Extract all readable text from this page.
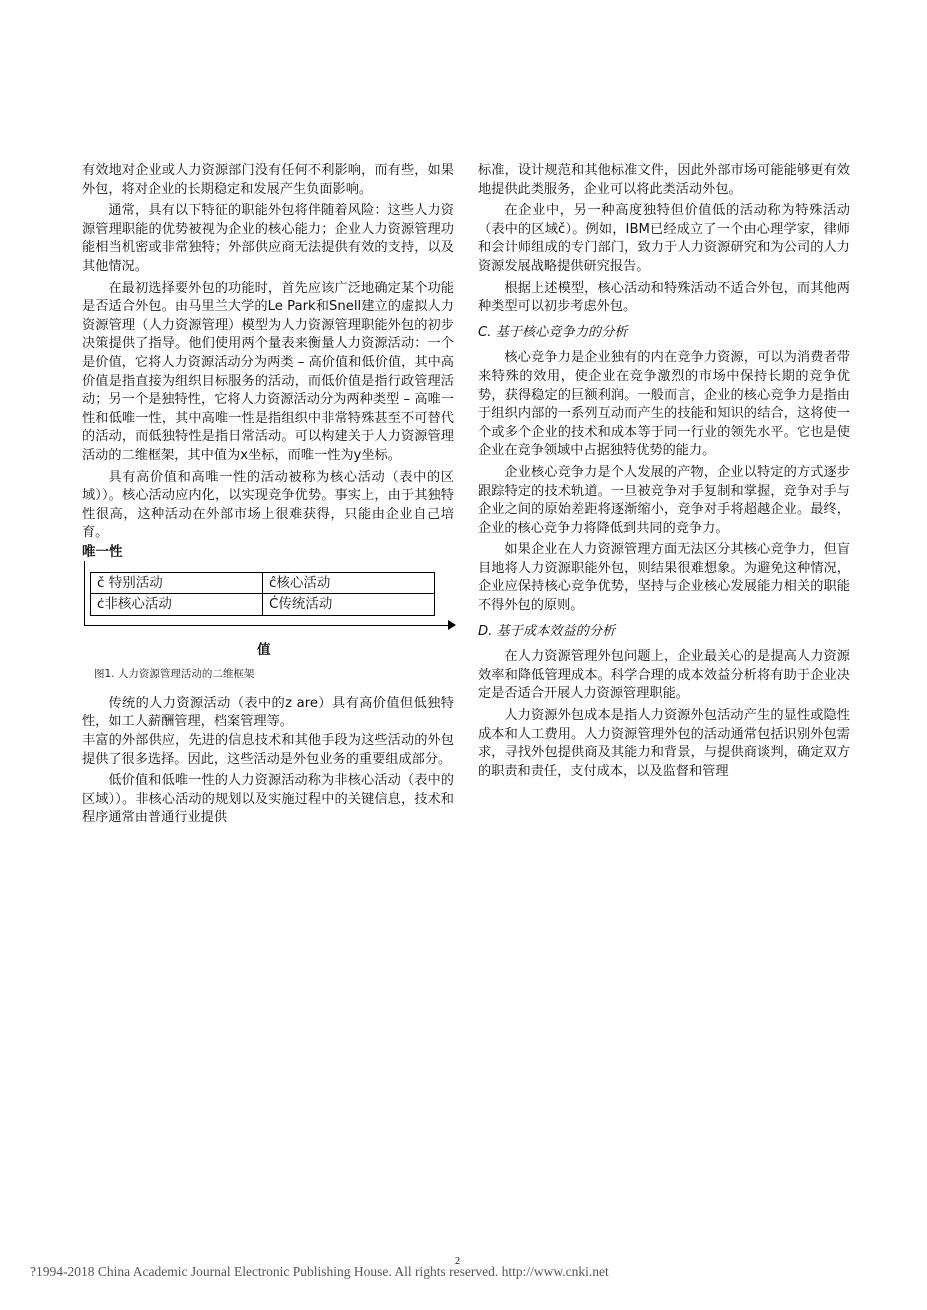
有效地对企业或人力资源部门没有任何不利影响，而有些，如果外包，将对企业的长期稳定和发展产生负面影响。

通常，具有以下特征的职能外包将伴随着风险：这些人力资源管理职能的优势被视为企业的核心能力；企业人力资源管理功能相当机密或非常独特；外部供应商无法提供有效的支持，以及其他情况。

在最初选择要外包的功能时，首先应该广泛地确定某个功能是否适合外包。由马里兰大学的Le Park和Snell建立的虚拟人力资源管理（人力资源管理）模型为人力资源管理职能外包的初步决策提供了指导。他们使用两个量表来衡量人力资源活动：一个是价值，它将人力资源活动分为两类 – 高价值和低价值，其中高价值是指直接为组织目标服务的活动，而低价值是指行政管理活动；另一个是独特性，它将人力资源活动分为两种类型 – 高唯一性和低唯一性，其中高唯一性是指组织中非常特殊甚至不可替代的活动，而低独特性是指日常活动。可以构建关于人力资源管理活动的二维框架，其中值为x坐标，而唯一性为y坐标。

具有高价值和高唯一性的活动被称为核心活动（表中的区域））。核心活动应内化，以实现竞争优势。事实上，由于其独特性很高，这种活动在外部市场上很难获得，只能由企业自己培育。

唯一性
č 特别活动	ĉ核心活动
ċ非核心活动	Ċ传统活动
值
图1. 人力资源管理活动的二维框架

传统的人力资源活动（表中的z are）具有高价值但低独特性，如工人薪酬管理，档案管理等。

丰富的外部供应，先进的信息技术和其他手段为这些活动的外包提供了很多选择。因此，这些活动是外包业务的重要组成部分。

低价值和低唯一性的人力资源活动称为非核心活动（表中的区域））。非核心活动的规划以及实施过程中的关键信息，技术和程序通常由普通行业提供

标准，设计规范和其他标准文件，因此外部市场可能能够更有效地提供此类服务，企业可以将此类活动外包。

在企业中，另一种高度独特但价值低的活动称为特殊活动（表中的区域č）。例如，IBM已经成立了一个由心理学家，律师和会计师组成的专门部门，致力于人力资源研究和为公司的人力资源发展战略提供研究报告。

根据上述模型，核心活动和特殊活动不适合外包，而其他两种类型可以初步考虑外包。

C. 基于核心竞争力的分析

核心竞争力是企业独有的内在竞争力资源，可以为消费者带来特殊的效用，使企业在竞争激烈的市场中保持长期的竞争优势，获得稳定的巨额利润。一般而言，企业的核心竞争力是指由于组织内部的一系列互动而产生的技能和知识的结合，这将使一个或多个企业的技术和成本等于同一行业的领先水平。它也是使企业在竞争领域中占据独特优势的能力。

企业核心竞争力是个人发展的产物，企业以特定的方式逐步跟踪特定的技术轨道。一旦被竞争对手复制和掌握，竞争对手与企业之间的原始差距将逐渐缩小，竞争对手将超越企业。最终，企业的核心竞争力将降低到共同的竞争力。

如果企业在人力资源管理方面无法区分其核心竞争力，但盲目地将人力资源职能外包，则结果很难想象。为避免这种情况，企业应保持核心竞争优势，坚持与企业核心发展能力相关的职能不得外包的原则。

D. 基于成本效益的分析

在人力资源管理外包问题上，企业最关心的是提高人力资源效率和降低管理成本。科学合理的成本效益分析将有助于企业决定是否适合开展人力资源管理职能。

人力资源外包成本是指人力资源外包活动产生的显性或隐性成本和人工费用。人力资源管理外包的活动通常包括识别外包需求，寻找外包提供商及其能力和背景，与提供商谈判，确定双方的职责和责任，支付成本，以及监督和管理

2
?1994-2018 China Academic Journal Electronic Publishing House. All rights reserved. http://www.cnki.net
